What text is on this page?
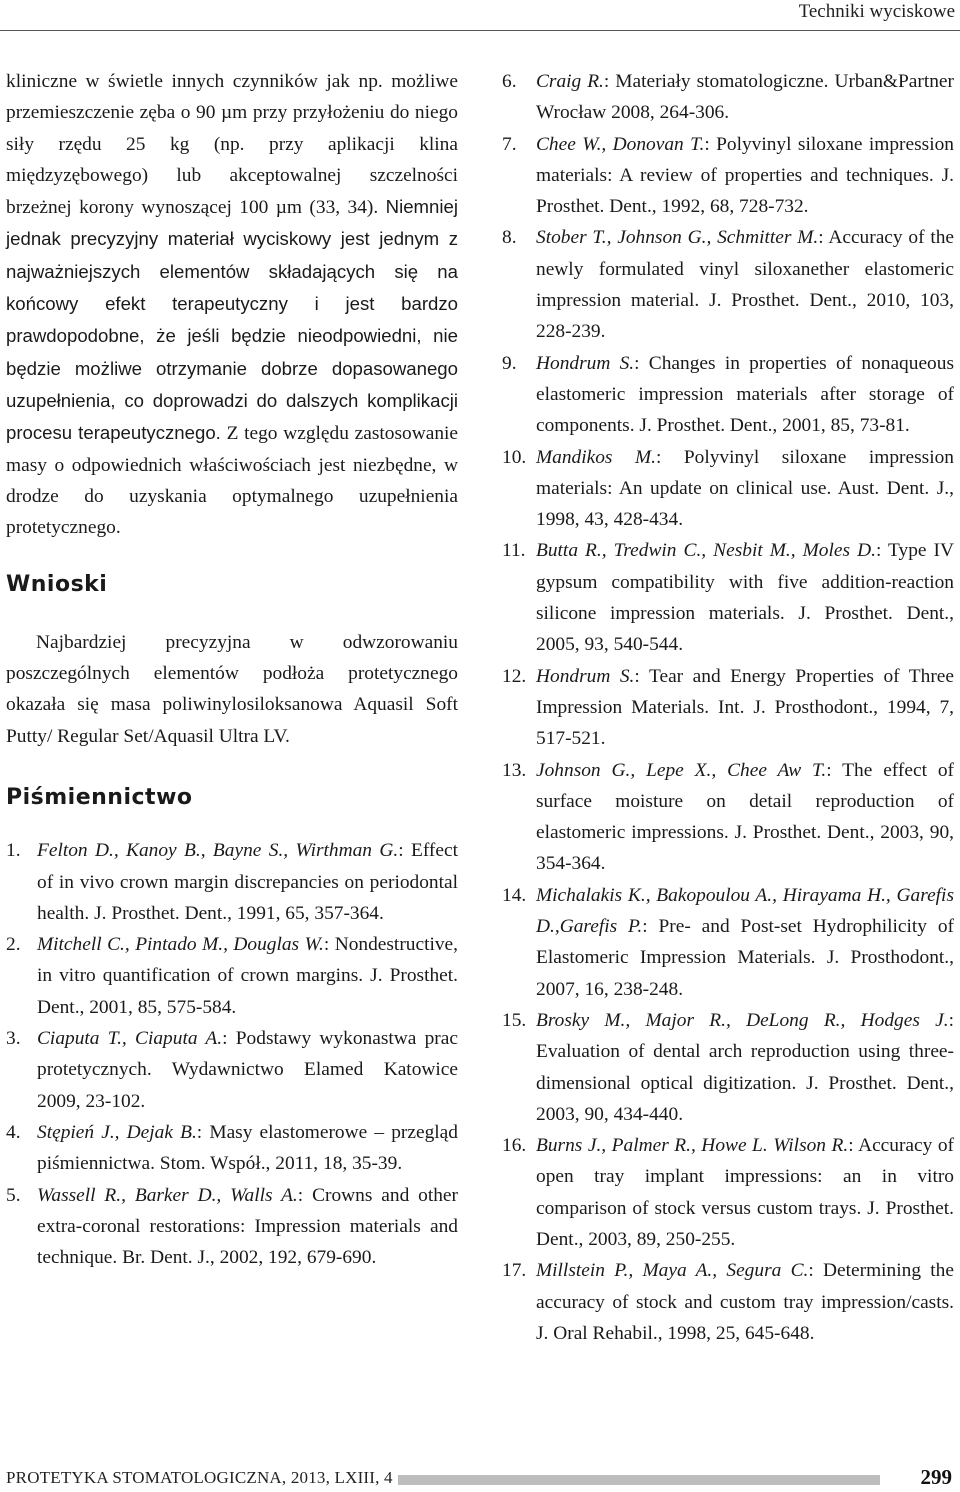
Techniki wyciskowe

kliniczne w świetle innych czynników jak np. możliwe przemieszczenie zęba o 90 µm przy przyłożeniu do niego siły rzędu 25 kg (np. przy aplikacji klina międzyzębowego) lub akceptowalnej szczelności brzeżnej korony wynoszącej 100 µm (33, 34). Niemniej jednak precyzyjny materiał wyciskowy jest jednym z najważniejszych elementów składających się na końcowy efekt terapeutyczny i jest bardzo prawdopodobne, że jeśli będzie nieodpowiedni, nie będzie możliwe otrzymanie dobrze dopasowanego uzupełnienia, co doprowadzi do dalszych komplikacji procesu terapeutycznego. Z tego względu zastosowanie masy o odpowiednich właściwościach jest niezbędne, w drodze do uzyskania optymalnego uzupełnienia protetycznego.

Wnioski

Najbardziej precyzyjna w odwzorowaniu poszczególnych elementów podłoża protetycznego okazała się masa poliwinylosiloksanowa Aquasil Soft Putty/ Regular Set/Aquasil Ultra LV.

Piśmiennictwo
1. Felton D., Kanoy B., Bayne S., Wirthman G.: Effect of in vivo crown margin discrepancies on periodontal health. J. Prosthet. Dent., 1991, 65, 357-364.
2. Mitchell C., Pintado M., Douglas W.: Nondestructive, in vitro quantification of crown margins. J. Prosthet. Dent., 2001, 85, 575-584.
3. Ciaputa T., Ciaputa A.: Podstawy wykonastwa prac protetycznych. Wydawnictwo Elamed Katowice 2009, 23-102.
4. Stępień J., Dejak B.: Masy elastomerowe – przegląd piśmiennictwa. Stom. Współ., 2011, 18, 35-39.
5. Wassell R., Barker D., Walls A.: Crowns and other extra-coronal restorations: Impression materials and technique. Br. Dent. J., 2002, 192, 679-690.
6. Craig R.: Materiały stomatologiczne. Urban&Partner Wrocław 2008, 264-306.
7. Chee W., Donovan T.: Polyvinyl siloxane impression materials: A review of properties and techniques. J. Prosthet. Dent., 1992, 68, 728-732.
8. Stober T., Johnson G., Schmitter M.: Accuracy of the newly formulated vinyl siloxanether elastomeric impression material. J. Prosthet. Dent., 2010, 103, 228-239.
9. Hondrum S.: Changes in properties of nonaqueous elastomeric impression materials after storage of components. J. Prosthet. Dent., 2001, 85, 73-81.
10. Mandikos M.: Polyvinyl siloxane impression materials: An update on clinical use. Aust. Dent. J., 1998, 43, 428-434.
11. Butta R., Tredwin C., Nesbit M., Moles D.: Type IV gypsum compatibility with five addition-reaction silicone impression materials. J. Prosthet. Dent., 2005, 93, 540-544.
12. Hondrum S.: Tear and Energy Properties of Three Impression Materials. Int. J. Prosthodont., 1994, 7, 517-521.
13. Johnson G., Lepe X., Chee Aw T.: The effect of surface moisture on detail reproduction of elastomeric impressions. J. Prosthet. Dent., 2003, 90, 354-364.
14. Michalakis K., Bakopoulou A., Hirayama H., Garefis D.,Garefis P.: Pre- and Post-set Hydrophilicity of Elastomeric Impression Materials. J. Prosthodont., 2007, 16, 238-248.
15. Brosky M., Major R., DeLong R., Hodges J.: Evaluation of dental arch reproduction using three-dimensional optical digitization. J. Prosthet. Dent., 2003, 90, 434-440.
16. Burns J., Palmer R., Howe L. Wilson R.: Accuracy of open tray implant impressions: an in vitro comparison of stock versus custom trays. J. Prosthet. Dent., 2003, 89, 250-255.
17. Millstein P., Maya A., Segura C.: Determining the accuracy of stock and custom tray impression/casts. J. Oral Rehabil., 1998, 25, 645-648.
PROTETYKA STOMATOLOGICZNA, 2013, LXIII, 4	299
